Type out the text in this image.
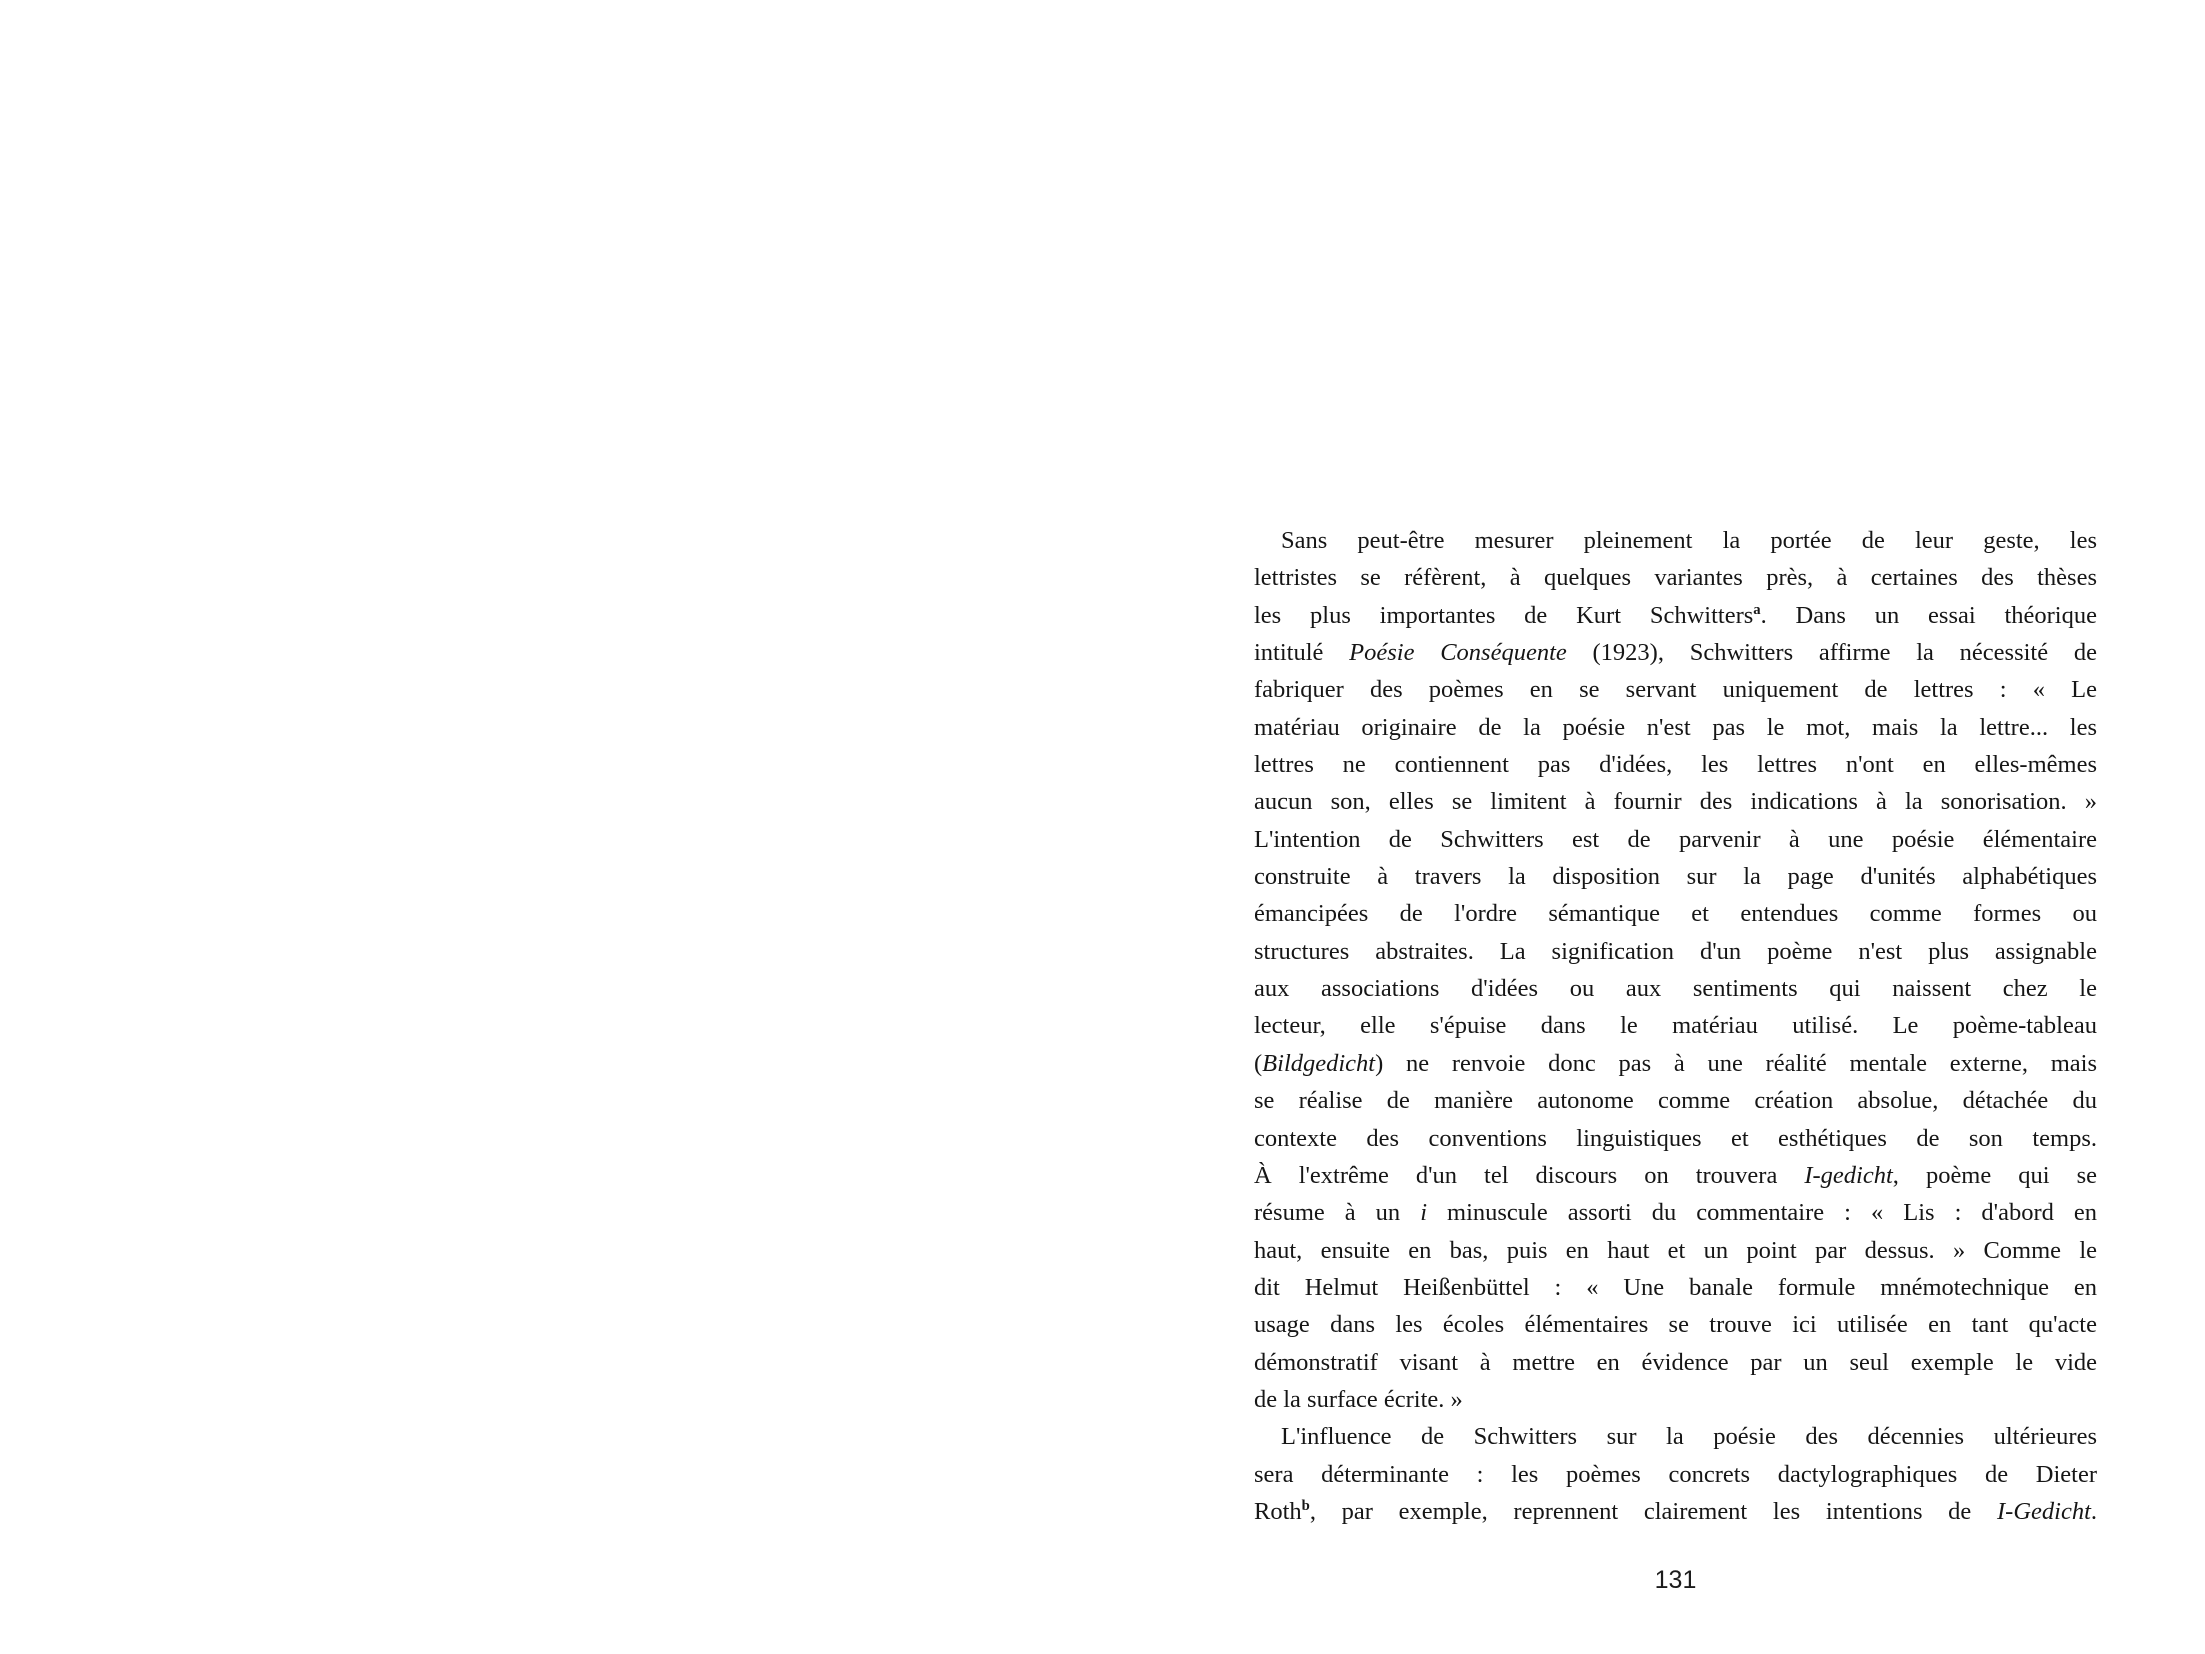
Sans peut-être mesurer pleinement la portée de leur geste, les
lettristes se réfèrent, à quelques variantes près, à certaines des thèses
les plus importantes de Kurt Schwitters$^a$. Dans un essai théorique
intitulé Poésie Conséquente (1923), Schwitters affirme la nécessité de
fabriquer des poèmes en se servant uniquement de lettres : « Le
matériau originaire de la poésie n'est pas le mot, mais la lettre... les
lettres ne contiennent pas d'idées, les lettres n'ont en elles-mêmes
aucun son, elles se limitent à fournir des indications à la sonorisation. »
L'intention de Schwitters est de parvenir à une poésie élémentaire
construite à travers la disposition sur la page d'unités alphabétiques
émancipées de l'ordre sémantique et entendues comme formes ou
structures abstraites. La signification d'un poème n'est plus assignable
aux associations d'idées ou aux sentiments qui naissent chez le
lecteur, elle s'épuise dans le matériau utilisé. Le poème-tableau
(Bildgedicht) ne renvoie donc pas à une réalité mentale externe, mais
se réalise de manière autonome comme création absolue, détachée du
contexte des conventions linguistiques et esthétiques de son temps.
À l'extrême d'un tel discours on trouvera I-gedicht, poème qui se
résume à un i minuscule assorti du commentaire : « Lis : d'abord en
haut, ensuite en bas, puis en haut et un point par dessus. » Comme le
dit Helmut Heißenbüttel : « Une banale formule mnémotechnique en
usage dans les écoles élémentaires se trouve ici utilisée en tant qu'acte
démonstratif visant à mettre en évidence par un seul exemple le vide
de la surface écrite. »
L'influence de Schwitters sur la poésie des décennies ultérieures
sera déterminante : les poèmes concrets dactylographiques de Dieter
Roth$^b$, par exemple, reprennent clairement les intentions de I-Gedicht.
131
